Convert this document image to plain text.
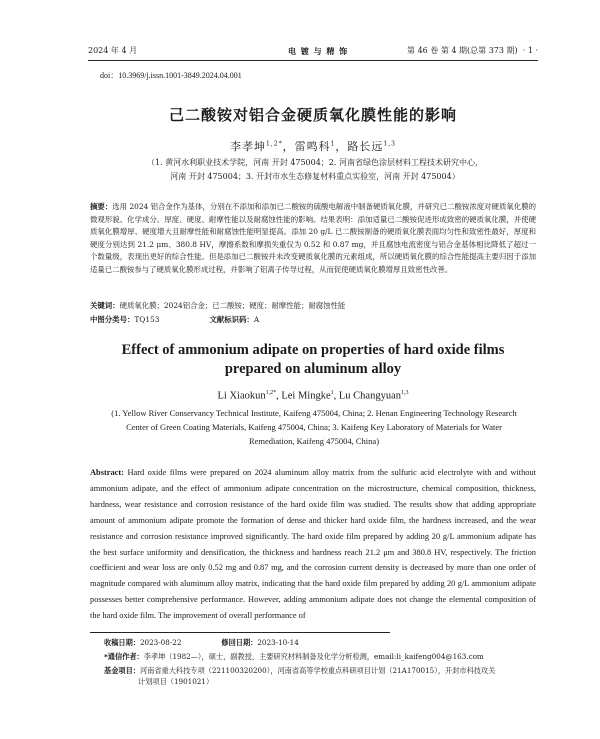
2024 年 4 月	电 镀 与 精 饰	第 46 卷 第 4 期(总第 373 期) · 1 ·
doi：10.3969/j.issn.1001-3849.2024.04.001
己二酸铵对铝合金硬质氧化膜性能的影响
李孝坤$^{1,2*}$，雷鸣科$^1$，路长远$^{1,3}$
（1. 黄河水利职业技术学院，河南 开封 475004；2. 河南省绿色涂层材料工程技术研究中心，
河南 开封 475004；3. 开封市水生态修复材料重点实验室，河南 开封 475004）
摘要：选用 2024 铝合金作为基体，分别在不添加和添加已二酸铵的硫酸电解液中制备硬质氧化膜，并研究已二酸铵浓度对硬质氧化膜的微观形貌、化学成分、厚度、硬度、耐摩性能以及耐腐蚀性能的影响。结果表明：添加适量已二酸铵促进形成致密的硬质氧化膜，并使硬质氧化膜增厚、硬度增大且耐摩性能和耐腐蚀性能明显提高。添加 20 g/L 已二酸铵制备的硬质氧化膜表面均匀性和致密性最好，厚度和硬度分别达到 21.2 μm、380.8 HV，摩擦系数和摩损失重仅为 0.52 和 0.87 mg，并且腐蚀电流密度与铝合金基体相比降低了超过一个数量级，表现出更好的综合性能。但是添加已二酸铵并未改变硬质氧化膜的元素组成，所以硬质氧化膜的综合性能提高主要归因于添加适量已二酸铵参与了硬质氧化膜形成过程，并影响了铝离子传导过程，从而促使硬质氧化膜增厚且致密性改善。
关键词：硬质氧化膜；2024铝合金；已二酸铵；硬度；耐摩性能；耐腐蚀性能
中图分类号：TQ153	文献标识码：A
Effect of ammonium adipate on properties of hard oxide films prepared on aluminum alloy
Li Xiaokun$^{1,2*}$, Lei Mingke$^1$, Lu Changyuan$^{1,3}$
(1. Yellow River Conservancy Technical Institute, Kaifeng 475004, China; 2. Henan Engineering Technology Research Center of Green Coating Materials, Kaifeng 475004, China; 3. Kaifeng Key Laboratory of Materials for Water Remediation, Kaifeng 475004, China)
Abstract: Hard oxide films were prepared on 2024 aluminum alloy matrix from the sulfuric acid electrolyte with and without ammonium adipate, and the effect of ammonium adipate concentration on the microstructure, chemical composition, thickness, hardness, wear resistance and corrosion resistance of the hard oxide film was studied. The results show that adding appropriate amount of ammonium adipate promote the formation of dense and thicker hard oxide film, the hardness increased, and the wear resistance and corrosion resistance improved significantly. The hard oxide film prepared by adding 20 g/L ammonium adipate has the best surface uniformity and densification, the thickness and hardness reach 21.2 μm and 380.8 HV, respectively. The friction coefficient and wear loss are only 0.52 mg and 0.87 mg, and the corrosion current density is decreased by more than one order of magnitude compared with aluminum alloy matrix, indicating that the hard oxide film prepared by adding 20 g/L ammonium adipate possesses better comprehensive performance. However, adding ammonium adipate does not change the elemental composition of the hard oxide film. The improvement of overall performance of
收稿日期：2023-08-22	修回日期：2023-10-14
*通信作者：李孝坤（1982—），硕士，副教授，主要研究材料制备及化学分析检测，email:li_kaifeng004@163.com
基金项目：河南省重大科技专项（221100320200），河南省高等学校重点科研项目计划（21A170015），开封市科技攻关
计划项目（1901021）
